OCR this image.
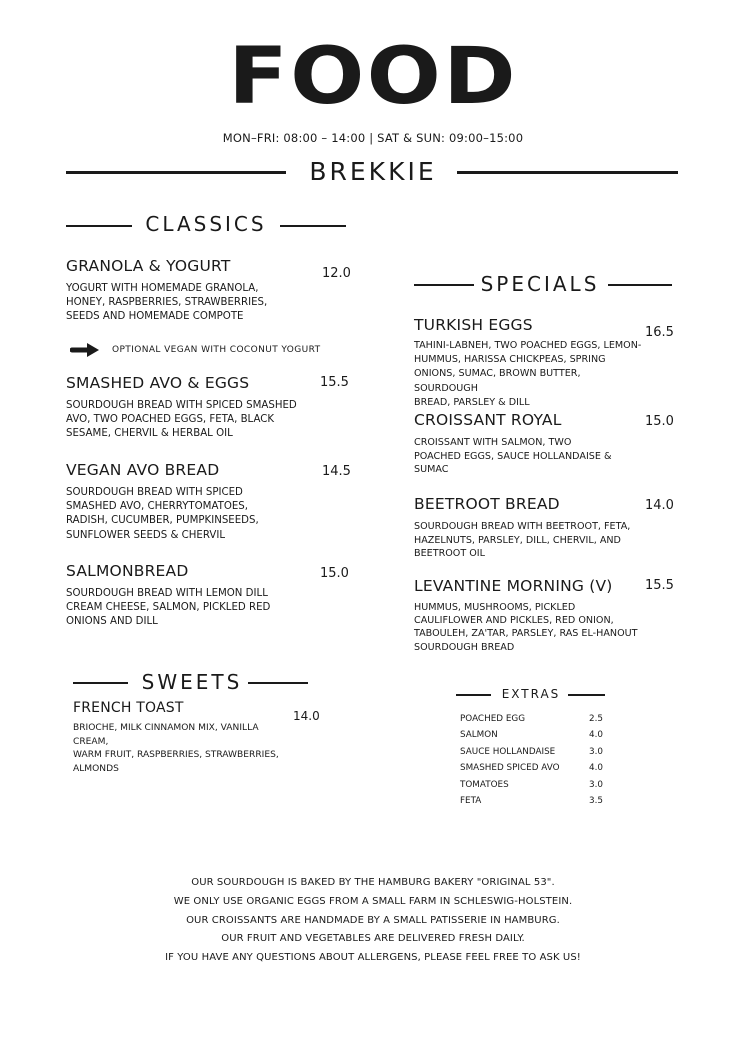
FOOD
MON–FRI: 08:00 – 14:00 | SAT & SUN: 09:00–15:00
BREKKIE
CLASSICS
GRANOLA & YOGURT
YOGURT WITH HOMEMADE GRANOLA,
HONEY, RASPBERRIES, STRAWBERRIES,
SEEDS AND HOMEMADE COMPOTE
12.0
OPTIONAL VEGAN WITH COCONUT YOGURT
SMASHED AVO & EGGS
SOURDOUGH BREAD WITH SPICED SMASHED
AVO, TWO POACHED EGGS, FETA, BLACK
SESAME, CHERVIL & HERBAL OIL
15.5
VEGAN AVO BREAD
SOURDOUGH BREAD WITH SPICED
SMASHED AVO, CHERRYTOMATOES,
RADISH, CUCUMBER, PUMPKINSEEDS,
SUNFLOWER SEEDS & CHERVIL
14.5
SALMONBREAD
SOURDOUGH BREAD WITH LEMON DILL
CREAM CHEESE, SALMON, PICKLED RED
ONIONS AND DILL
15.0
SPECIALS
TURKISH EGGS
TAHINI-LABNEH, TWO POACHED EGGS, LEMON-
HUMMUS, HARISSA CHICKPEAS, SPRING
ONIONS, SUMAC, BROWN BUTTER, SOURDOUGH
BREAD, PARSLEY & DILL
16.5
CROISSANT ROYAL
CROISSANT WITH SALMON, TWO
POACHED EGGS, SAUCE HOLLANDAISE &
SUMAC
15.0
BEETROOT BREAD
SOURDOUGH BREAD WITH BEETROOT, FETA,
HAZELNUTS, PARSLEY, DILL, CHERVIL, AND
BEETROOT OIL
14.0
LEVANTINE MORNING (V)
HUMMUS, MUSHROOMS, PICKLED
CAULIFLOWER AND PICKLES, RED ONION,
TABOULEH, ZA'TAR, PARSLEY, RAS EL-HANOUT
SOURDOUGH BREAD
15.5
SWEETS
FRENCH TOAST
BRIOCHE, MILK CINNAMON MIX, VANILLA CREAM,
WARM FRUIT, RASPBERRIES, STRAWBERRIES,
ALMONDS
14.0
EXTRAS
POACHED EGG	2.5
SALMON	4.0
SAUCE HOLLANDAISE	3.0
SMASHED SPICED AVO	4.0
TOMATOES	3.0
FETA	3.5
OUR SOURDOUGH IS BAKED BY THE HAMBURG BAKERY "ORIGINAL 53".
WE ONLY USE ORGANIC EGGS FROM A SMALL FARM IN SCHLESWIG-HOLSTEIN.
OUR CROISSANTS ARE HANDMADE BY A SMALL PATISSERIE IN HAMBURG.
OUR FRUIT AND VEGETABLES ARE DELIVERED FRESH DAILY.
IF YOU HAVE ANY QUESTIONS ABOUT ALLERGENS, PLEASE FEEL FREE TO ASK US!
